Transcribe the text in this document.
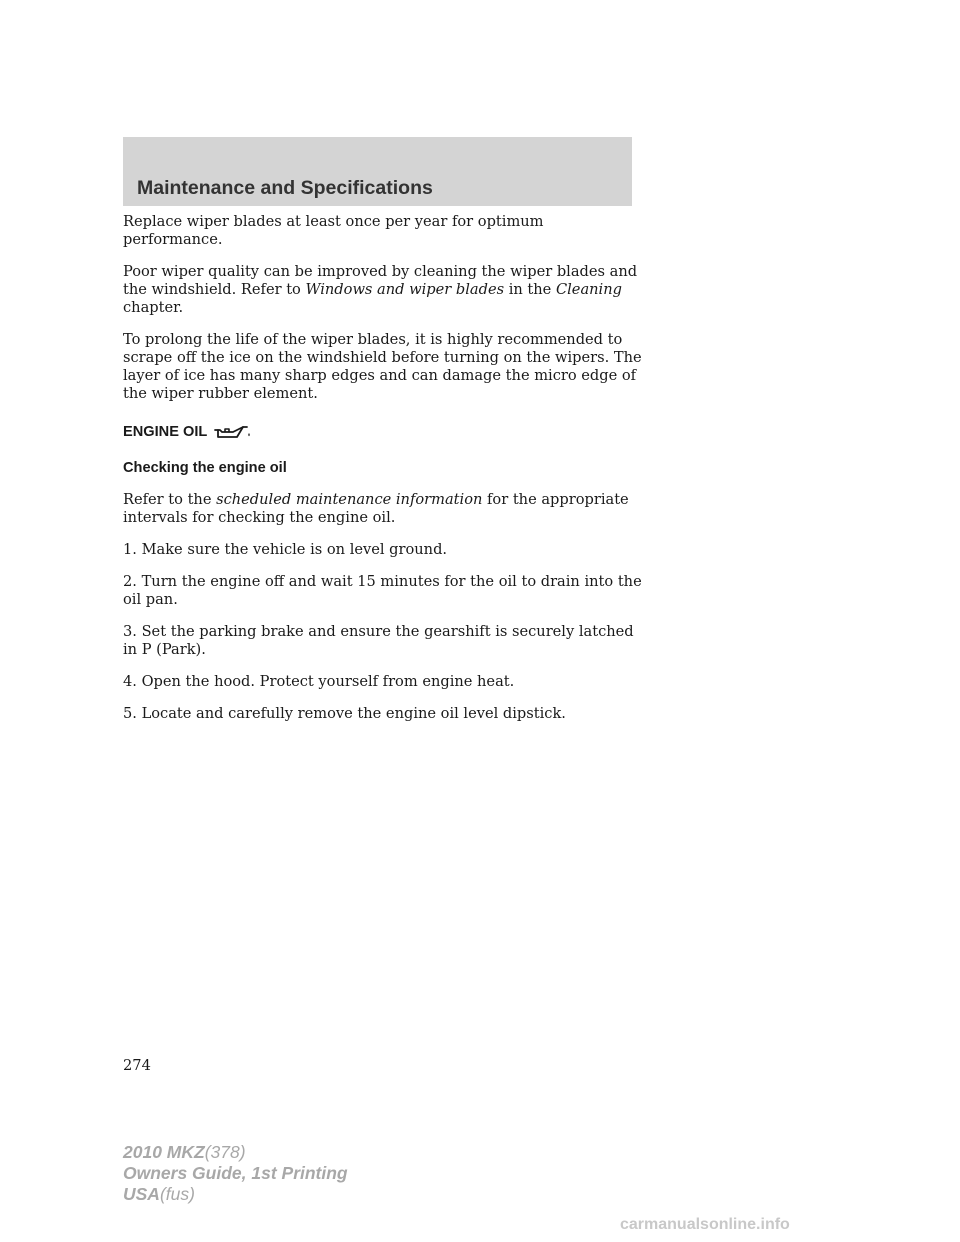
Maintenance and Specifications

Replace wiper blades at least once per year for optimum performance.

Poor wiper quality can be improved by cleaning the wiper blades and the windshield. Refer to Windows and wiper blades in the Cleaning chapter.

To prolong the life of the wiper blades, it is highly recommended to scrape off the ice on the windshield before turning on the wipers. The layer of ice has many sharp edges and can damage the micro edge of the wiper rubber element.

ENGINE OIL

Checking the engine oil

Refer to the scheduled maintenance information for the appropriate intervals for checking the engine oil.

1. Make sure the vehicle is on level ground.

2. Turn the engine off and wait 15 minutes for the oil to drain into the oil pan.

3. Set the parking brake and ensure the gearshift is securely latched in P (Park).

4. Open the hood. Protect yourself from engine heat.

5. Locate and carefully remove the engine oil level dipstick.

274
2010 MKZ(378)
Owners Guide, 1st Printing
USA(fus)
carmanualsonline.info
